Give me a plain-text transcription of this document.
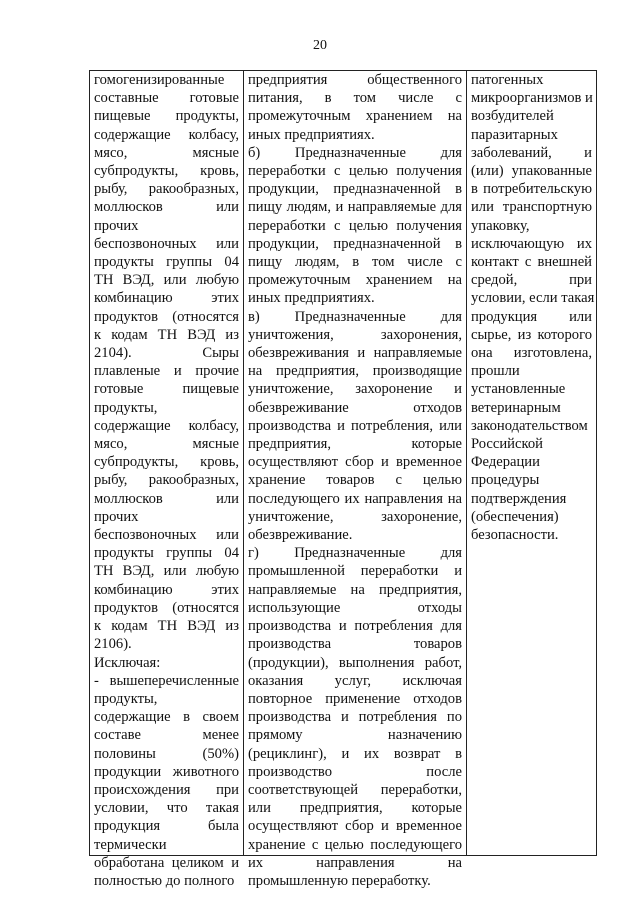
20
гомогенизированные
составные готовые
пищевые продукты,
содержащие колбасу,
мясо, мясные
субпродукты, кровь,
рыбу, ракообразных,
моллюсков или
прочих
беспозвоночных или
продукты группы 04
ТН ВЭД, или любую
комбинацию этих
продуктов (относятся
к кодам ТН ВЭД из
2104). Сыры
плавленые и прочие
готовые пищевые
продукты,
содержащие колбасу,
мясо, мясные
субпродукты, кровь,
рыбу, ракообразных,
моллюсков или
прочих
беспозвоночных или
продукты группы 04
ТН ВЭД, или любую
комбинацию этих
продуктов (относятся
к кодам ТН ВЭД из
2106).
Исключая:
- вышеперечисленные
продукты,
содержащие в своем
составе менее
половины (50%)
продукции животного
происхождения при
условии, что такая
продукция была
термически
обработана целиком и
полностью до полного
предприятия общественного
питания, в том числе с
промежуточным хранением на
иных предприятиях.
б) Предназначенные для
переработки с целью получения
продукции, предназначенной в
пищу людям, и направляемые для
переработки с целью получения
продукции, предназначенной в
пищу людям, в том числе с
промежуточным хранением на
иных предприятиях.
в) Предназначенные для
уничтожения, захоронения,
обезвреживания и направляемые
на предприятия, производящие
уничтожение, захоронение и
обезвреживание отходов
производства и потребления, или
предприятия, которые
осуществляют сбор и временное
хранение товаров с целью
последующего их направления на
уничтожение, захоронение,
обезвреживание.
г) Предназначенные для
промышленной переработки и
направляемые на предприятия,
использующие отходы
производства и потребления для
производства товаров
(продукции), выполнения работ,
оказания услуг, исключая
повторное применение отходов
производства и потребления по
прямому назначению
(рециклинг), и их возврат в
производство после
соответствующей переработки,
или предприятия, которые
осуществляют сбор и временное
хранение с целью последующего
их направления на
промышленную переработку.
патогенных
микроорганизмов и
возбудителей
паразитарных
заболеваний, и
(или) упакованные
в потребительскую
или транспортную
упаковку,
исключающую их
контакт с внешней
средой, при
условии, если такая
продукция или
сырье, из которого
она изготовлена,
прошли
установленные
ветеринарным
законодательством
Российской
Федерации
процедуры
подтверждения
(обеспечения)
безопасности.
